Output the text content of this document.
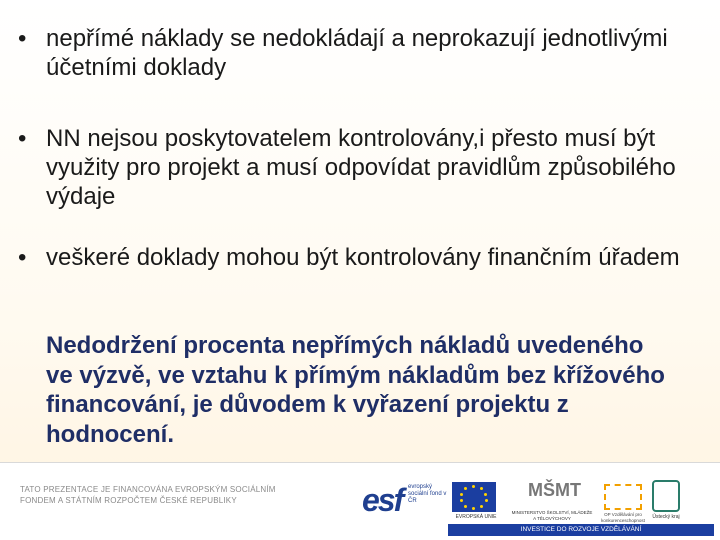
• nepřímé náklady se nedokládají a neprokazují jednotlivými účetními doklady
• NN nejsou poskytovatelem kontrolovány,i přesto musí být využity pro projekt a musí odpovídat pravidlům způsobilého výdaje
• veškeré doklady mohou být kontrolovány finančním úřadem
Nedodržení procenta nepřímých nákladů uvedeného ve výzvě, ve vztahu k přímým nákladům bez křížového financování, je důvodem k vyřazení projektu z hodnocení.
TATO PREZENTACE JE FINANCOVÁNA EVROPSKÝM SOCIÁLNÍM
FONDEM A STÁTNÍM ROZPOČTEM ČESKÉ REPUBLIKY	esf evropský sociální fond v ČR
EVROPSKÁ UNIE
MŠMT
MINISTERSTVO ŠKOLSTVÍ, MLÁDEŽE A TĚLOVÝCHOVY
OP Vzdělávání pro konkurenceschopnost
Ústecký kraj
INVESTICE DO ROZVOJE VZDĚLÁVÁNÍ
